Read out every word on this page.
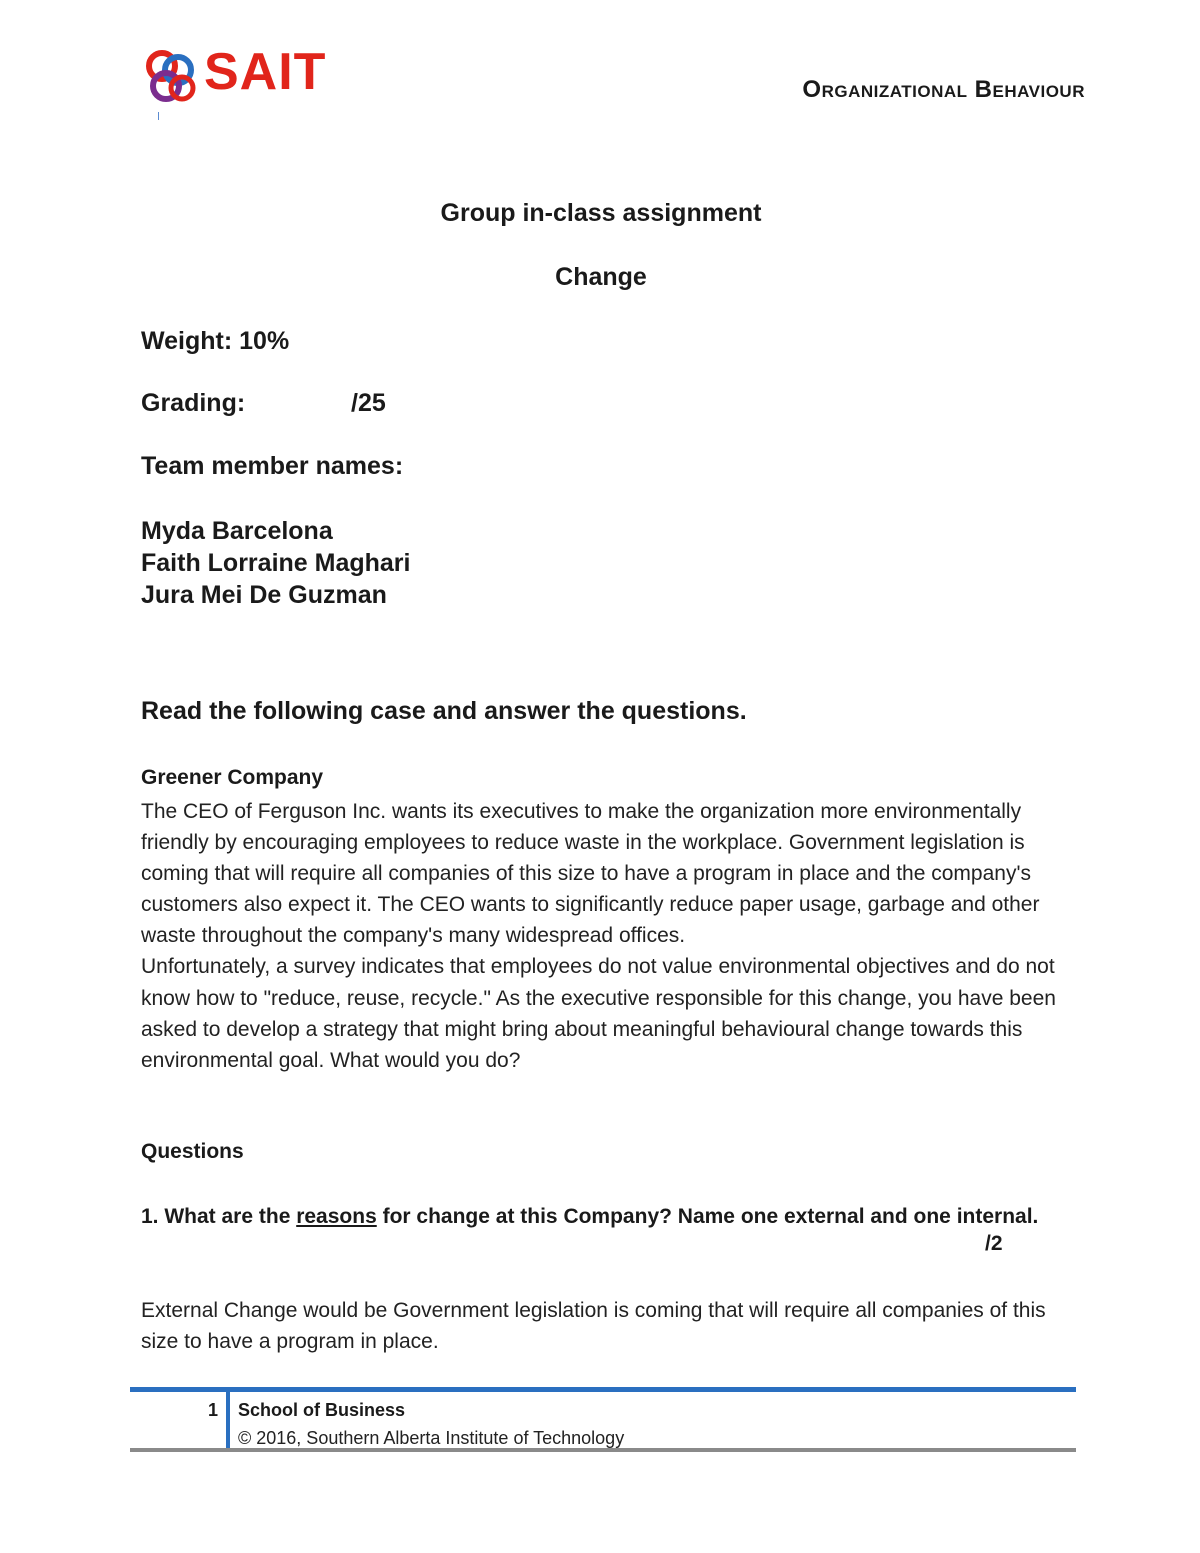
SAIT	Organizational Behaviour
Group in-class assignment
Change
Weight: 10%
Grading:	/25
Team member names:
Myda Barcelona
Faith Lorraine Maghari
Jura Mei De Guzman
Read the following case and answer the questions.
Greener Company
The CEO of Ferguson Inc. wants its executives to make the organization more environmentally friendly by encouraging employees to reduce waste in the workplace. Government legislation is coming that will require all companies of this size to have a program in place and the company's customers also expect it. The CEO wants to significantly reduce paper usage, garbage and other waste throughout the company's many widespread offices.
Unfortunately, a survey indicates that employees do not value environmental objectives and do not know how to "reduce, reuse, recycle." As the executive responsible for this change, you have been asked to develop a strategy that might bring about meaningful behavioural change towards this environmental goal. What would you do?
Questions
1. What are the reasons for change at this Company? Name one external and one internal.
/2
External Change would be Government legislation is coming that will require all companies of this size to have a program in place.
1 School of Business
© 2016, Southern Alberta Institute of Technology
